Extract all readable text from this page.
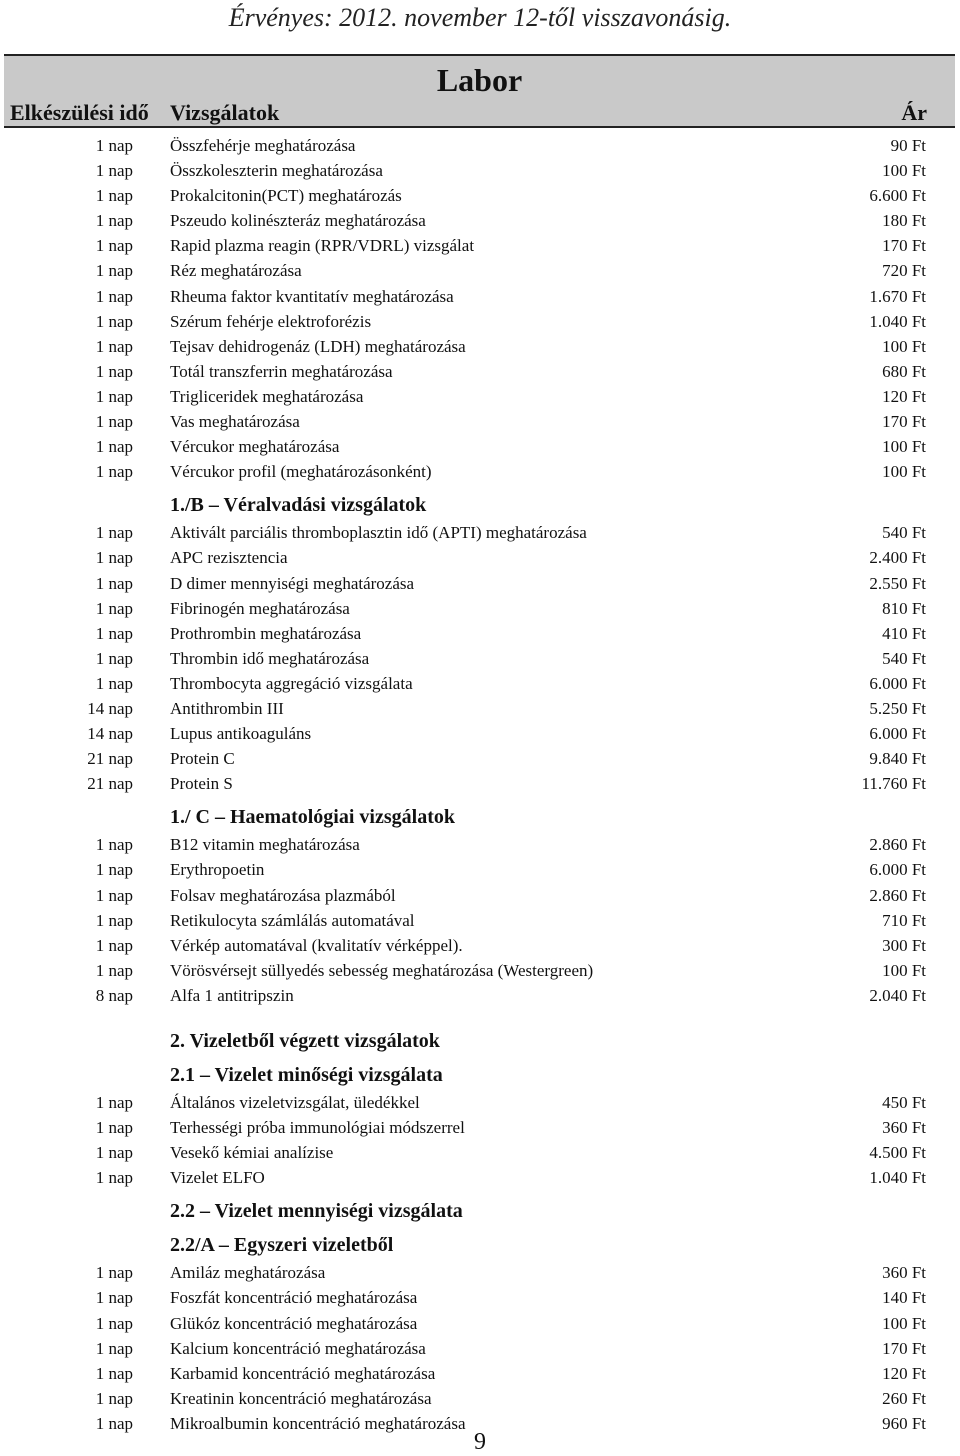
Érvényes: 2012. november 12-től visszavonásig.
Labor
Elkészülési idő Vizsgálatok	Ár
1 nap Összfehérje meghatározása	90 Ft
1 nap Összkoleszterin meghatározása	100 Ft
1 nap Prokalcitonin(PCT) meghatározás	6.600 Ft
1 nap Pszeudo kolinészteráz meghatározása	180 Ft
1 nap Rapid plazma reagin (RPR/VDRL) vizsgálat	170 Ft
1 nap Réz meghatározása	720 Ft
1 nap Rheuma faktor kvantitatív meghatározása	1.670 Ft
1 nap Szérum fehérje elektroforézis	1.040 Ft
1 nap Tejsav dehidrogenáz (LDH) meghatározása	100 Ft
1 nap Totál transzferrin meghatározása	680 Ft
1 nap Trigliceridek meghatározása	120 Ft
1 nap Vas meghatározása	170 Ft
1 nap Vércukor meghatározása	100 Ft
1 nap Vércukor profil (meghatározásonként)	100 Ft
1./B – Véralvadási vizsgálatok
1 nap Aktivált parciális thromboplasztin idő (APTI) meghatározása	540 Ft
1 nap APC rezisztencia	2.400 Ft
1 nap D dimer mennyiségi meghatározása	2.550 Ft
1 nap Fibrinogén meghatározása	810 Ft
1 nap Prothrombin meghatározása	410 Ft
1 nap Thrombin idő meghatározása	540 Ft
1 nap Thrombocyta aggregáció vizsgálata	6.000 Ft
14 nap Antithrombin III	5.250 Ft
14 nap Lupus antikoaguláns	6.000 Ft
21 nap Protein C	9.840 Ft
21 nap Protein S	11.760 Ft
1./ C – Haematológiai vizsgálatok
1 nap B12 vitamin meghatározása	2.860 Ft
1 nap Erythropoetin	6.000 Ft
1 nap Folsav meghatározása plazmából	2.860 Ft
1 nap Retikulocyta számlálás automatával	710 Ft
1 nap Vérkép automatával (kvalitatív vérképpel).	300 Ft
1 nap Vörösvérsejt süllyedés sebesség meghatározása (Westergreen)	100 Ft
8 nap Alfa 1 antitripszin	2.040 Ft
2. Vizeletből végzett vizsgálatok
2.1 – Vizelet minőségi vizsgálata
1 nap Általános vizeletvizsgálat, üledékkel	450 Ft
1 nap Terhességi próba immunológiai módszerrel	360 Ft
1 nap Vesekő kémiai analízise	4.500 Ft
1 nap Vizelet ELFO	1.040 Ft
2.2 – Vizelet mennyiségi vizsgálata
2.2/A – Egyszeri vizeletből
1 nap Amiláz meghatározása	360 Ft
1 nap Foszfát koncentráció meghatározása	140 Ft
1 nap Glükóz koncentráció meghatározása	100 Ft
1 nap Kalcium koncentráció meghatározása	170 Ft
1 nap Karbamid koncentráció meghatározása	120 Ft
1 nap Kreatinin koncentráció meghatározása	260 Ft
1 nap Mikroalbumin koncentráció meghatározása	960 Ft
9
